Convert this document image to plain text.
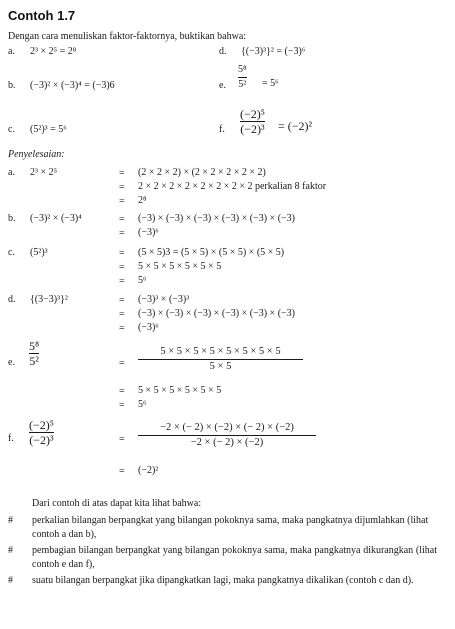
Contoh 1.7
Dengan cara menuliskan faktor-faktornya, buktikan bahwa:
a. 2³ × 2⁵ = 2⁸	d. {(−3)³}² = (−3)⁶
b. (−3)² × (−3)⁴ = (−3)6	e.
5⁸
5² = 5⁶
c. (5²)³ = 5⁶	f.
(−2)⁵
(−2)³ = (−2)²
Penyelesaian:
a. 2³ × 2⁵	= (2 × 2 × 2) × (2 × 2 × 2 × 2 × 2)
= 2 × 2 × 2 × 2 × 2 × 2 × 2 × 2 perkalian 8 faktor
= 2⁸
b. (−3)² × (−3)⁴	= (−3) × (−3) × (−3) × (−3) × (−3) × (−3)
= (−3)⁶
c. (5²)³	= (5 × 5)3 = (5 × 5) × (5 × 5) × (5 × 5)
= 5 × 5 × 5 × 5 × 5 × 5
= 5⁶
d. {(3−3)³}²	= (−3)³ × (−3)³
= (−3) × (−3) × (−3) × (−3) × (−3) × (−3)
= (−3)⁶
e.
5⁸
5²	=
5 × 5 × 5 × 5 × 5 × 5 × 5 × 5
5 × 5
= 5 × 5 × 5 × 5 × 5 × 5
= 5⁶
f.
(−2)⁵
(−2)³	=
−2 × (− 2) × (−2) × (− 2) × (−2)
−2 × (− 2) × (−2)
= (−2)²
Dari contoh di atas dapat kita lihat bahwa:
# perkalian bilangan berpangkat yang bilangan pokoknya sama, maka pangkatnya dijumlahkan (lihat contoh a dan b),
# pembagian bilangan berpangkat yang bilangan pokoknya sama, maka pangkatnya dikurangkan (lihat contoh e dan f),
# suatu bilangan berpangkat jika dipangkatkan lagi, maka pangkatnya dikalikan (contoh c dan d).
